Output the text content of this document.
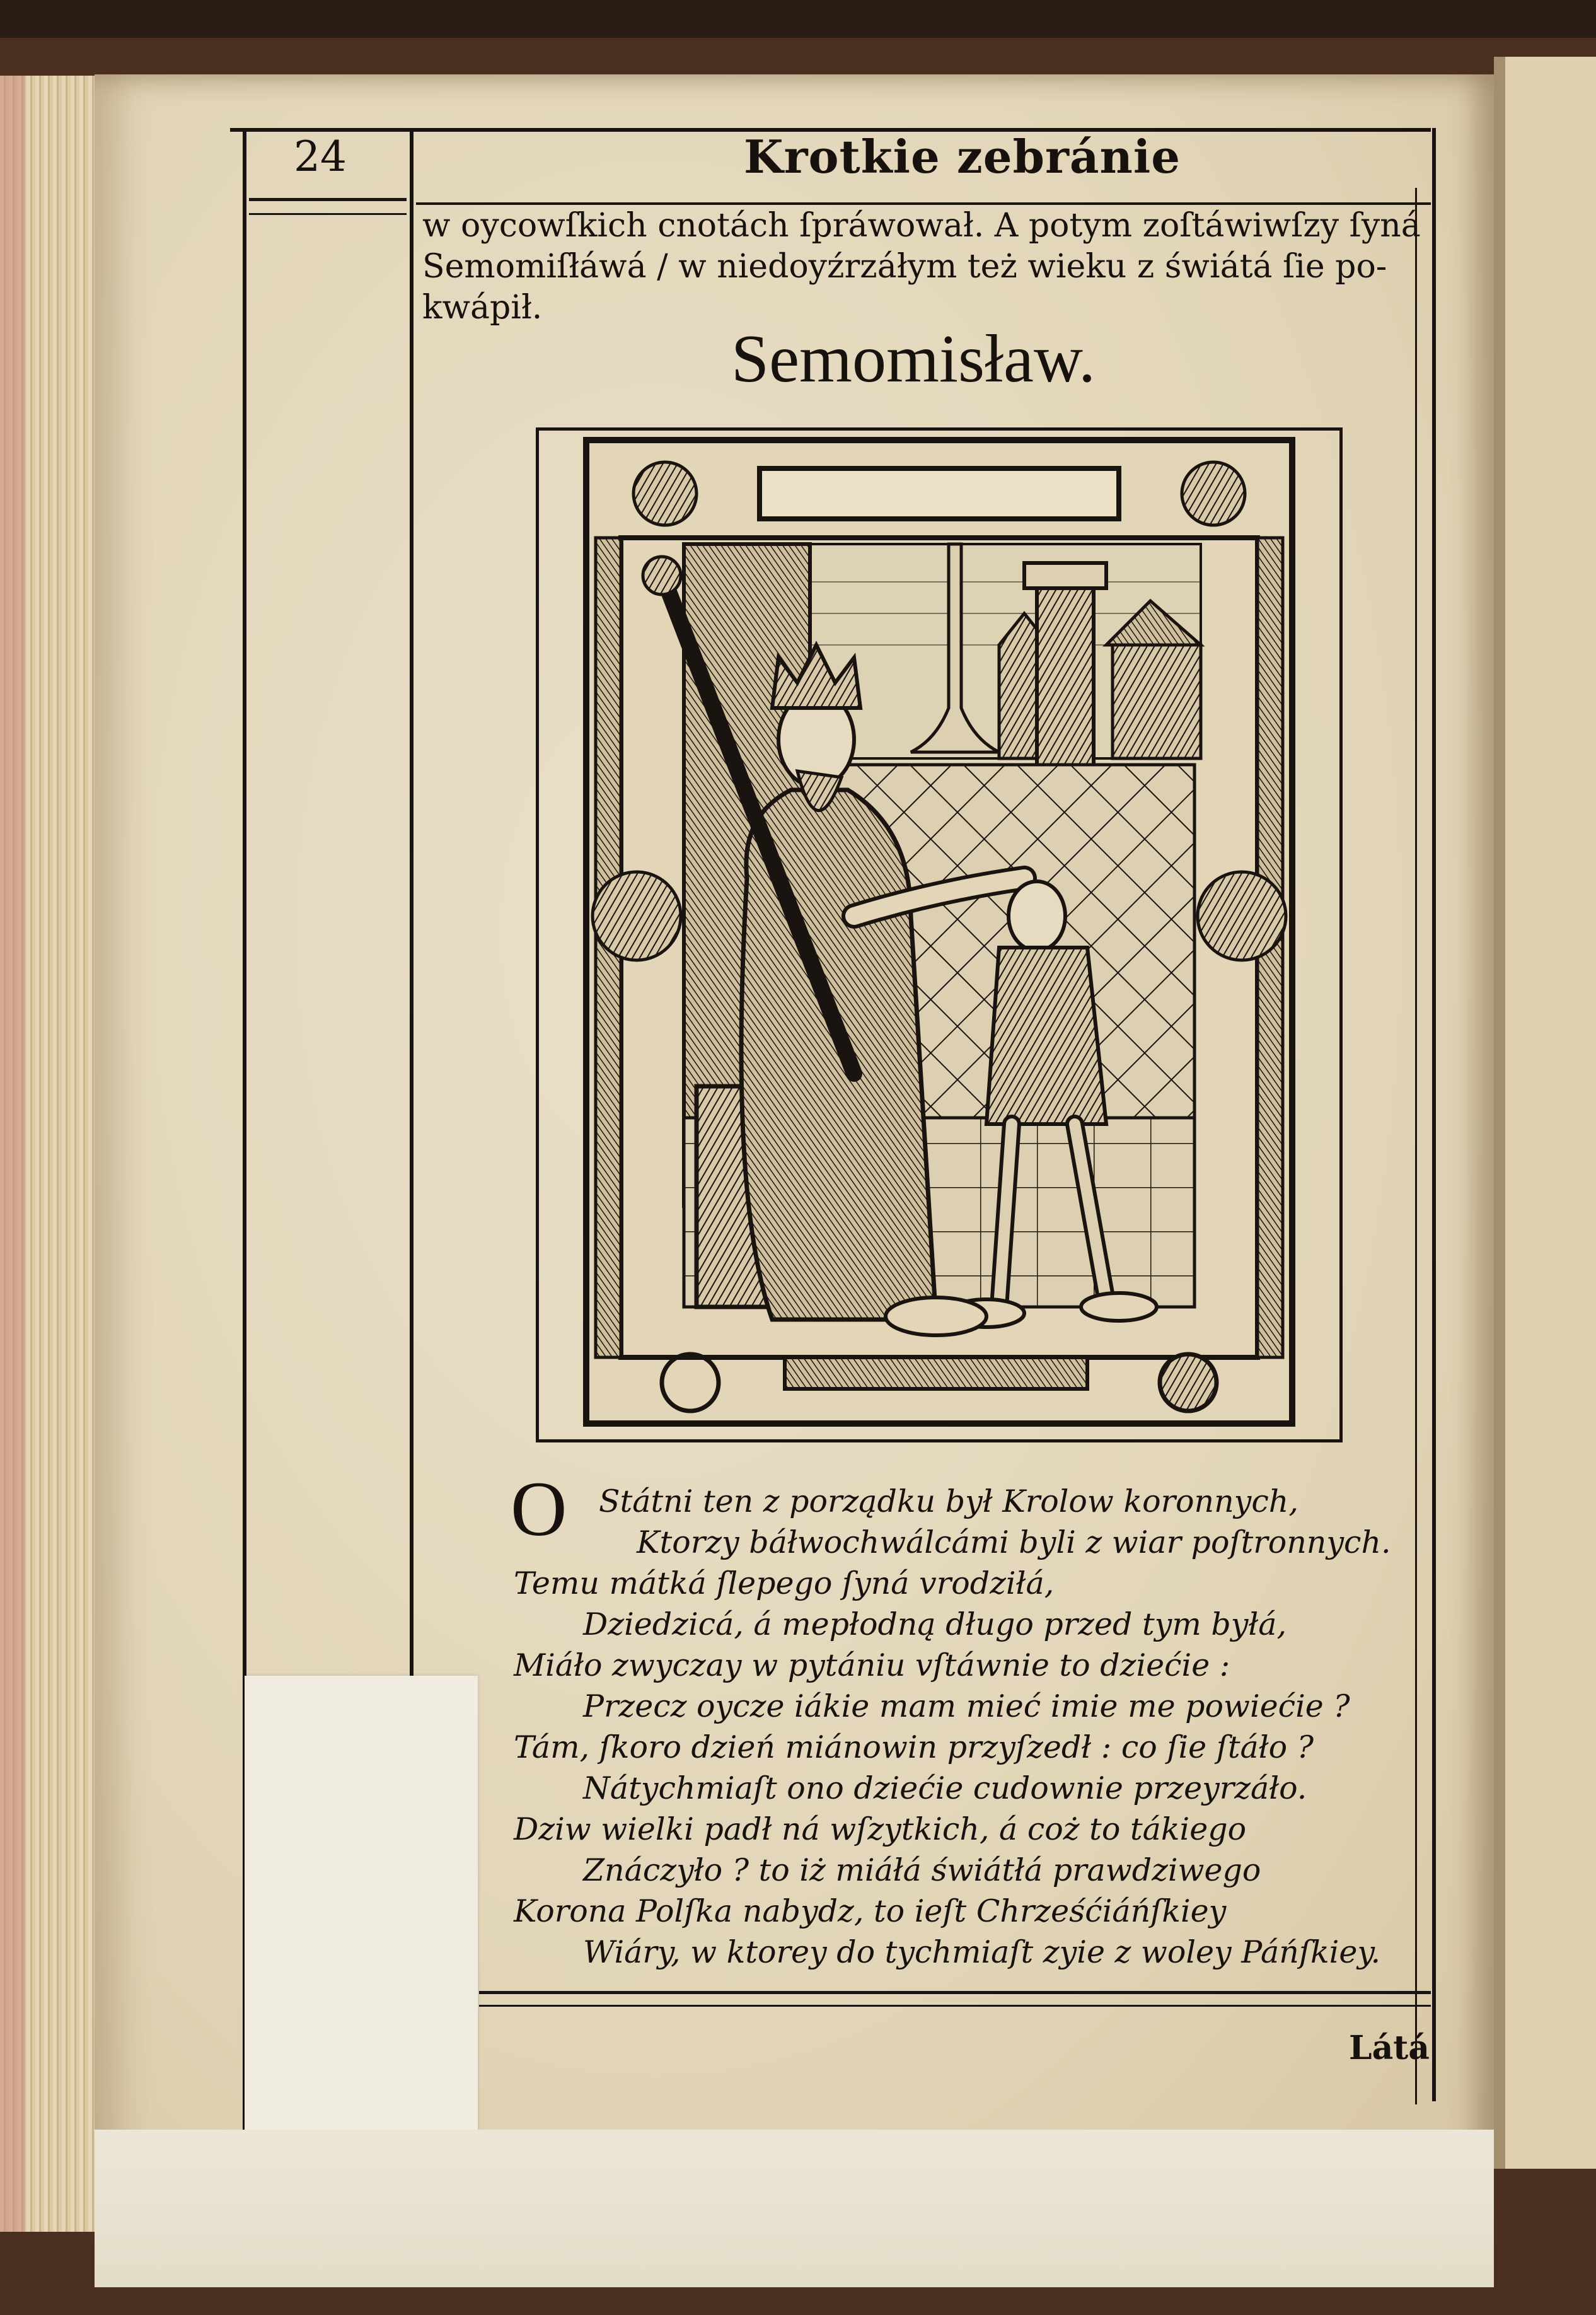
24	Krotkie zebránie
w oycowſkich cnotách ſpráwował. A potym zoſtáwiwſzy ſyná
Semomiſłáwá / w niedoyźrzáłym też wieku z świátá ſie po-
kwápił.
Semomisław.
O Státni ten z porządku był Krolow koronnych,
Ktorzy báłwochwálcámi byli z wiar poſtronnych.
Temu mátká ſlepego ſyná vrodziłá,
Dziedzicá, á mepłodną długo przed tym byłá,
Miáło zwyczay w pytániu vſtáwnie to dziećie :
Przecz oycze iákie mam mieć imie me powiećie ?
Tám, ſkoro dzień miánowin przyſzedł : co ſie ſtáło ?
Nátychmiaſt ono dziećie cudownie przeyrzáło.
Dziw wielki padł ná wſzytkich, á coż to tákiego
Znáczyło ? to iż miáłá świátłá prawdziwego
Korona Polſka nabydz, to ieſt Chrześćiáńſkiey
Wiáry, w ktorey do tychmiaſt zyie z woley Páńſkiey.
Látá
